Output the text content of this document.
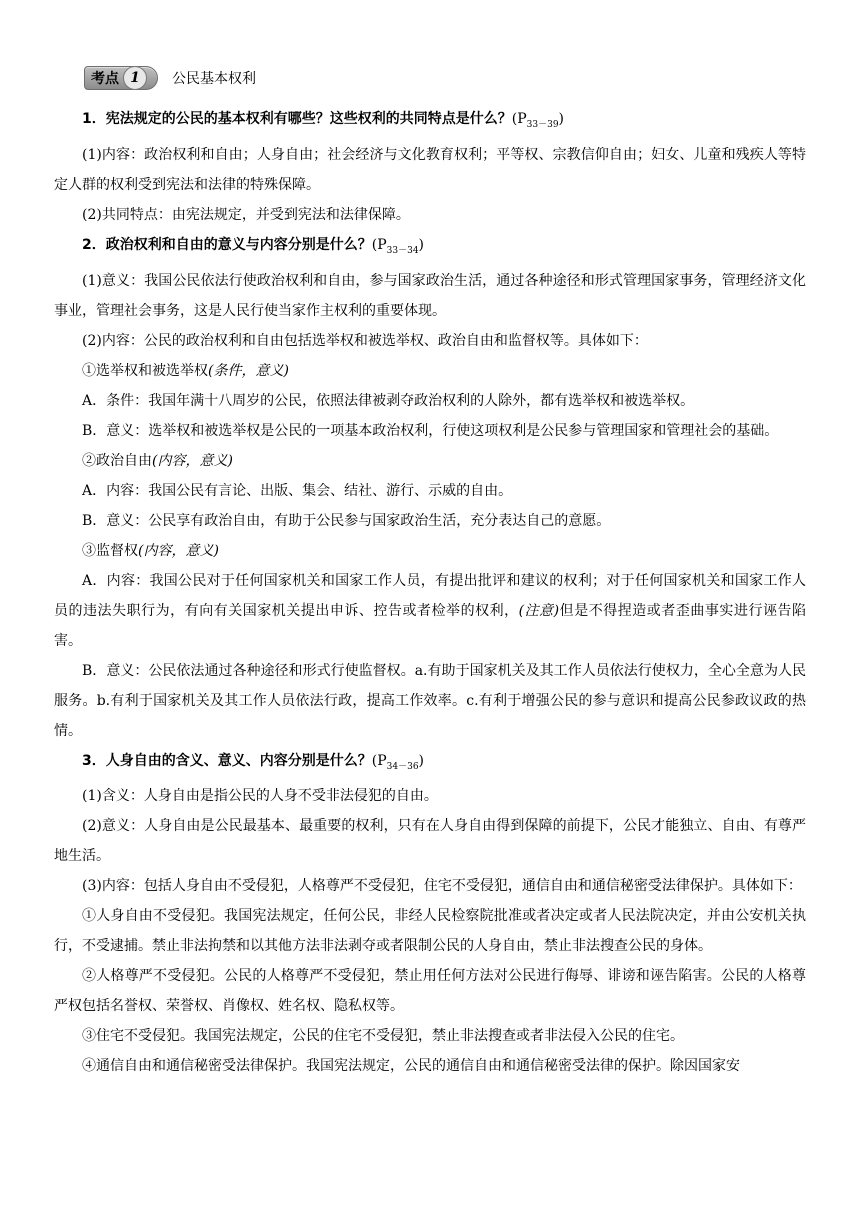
考点 1	公民基本权利

1．宪法规定的公民的基本权利有哪些？这些权利的共同特点是什么？$(P_{33-39})$

(1)内容：政治权利和自由；人身自由；社会经济与文化教育权利；平等权、宗教信仰自由；妇女、儿童和残疾人等特定人群的权利受到宪法和法律的特殊保障。

(2)共同特点：由宪法规定，并受到宪法和法律保障。

2．政治权利和自由的意义与内容分别是什么？$(P_{33-34})$

(1)意义：我国公民依法行使政治权利和自由，参与国家政治生活，通过各种途径和形式管理国家事务，管理经济文化事业，管理社会事务，这是人民行使当家作主权利的重要体现。

(2)内容：公民的政治权利和自由包括选举权和被选举权、政治自由和监督权等。具体如下：

①选举权和被选举权(条件，意义)

A．条件：我国年满十八周岁的公民，依照法律被剥夺政治权利的人除外，都有选举权和被选举权。

B．意义：选举权和被选举权是公民的一项基本政治权利，行使这项权利是公民参与管理国家和管理社会的基础。

②政治自由(内容，意义)

A．内容：我国公民有言论、出版、集会、结社、游行、示威的自由。

B．意义：公民享有政治自由，有助于公民参与国家政治生活，充分表达自己的意愿。

③监督权(内容，意义)

A．内容：我国公民对于任何国家机关和国家工作人员，有提出批评和建议的权利；对于任何国家机关和国家工作人员的违法失职行为，有向有关国家机关提出申诉、控告或者检举的权利，(注意)但是不得捏造或者歪曲事实进行诬告陷害。

B．意义：公民依法通过各种途径和形式行使监督权。a.有助于国家机关及其工作人员依法行使权力，全心全意为人民服务。b.有利于国家机关及其工作人员依法行政，提高工作效率。c.有利于增强公民的参与意识和提高公民参政议政的热情。

3．人身自由的含义、意义、内容分别是什么？$(P_{34-36})$

(1)含义：人身自由是指公民的人身不受非法侵犯的自由。

(2)意义：人身自由是公民最基本、最重要的权利，只有在人身自由得到保障的前提下，公民才能独立、自由、有尊严地生活。

(3)内容：包括人身自由不受侵犯，人格尊严不受侵犯，住宅不受侵犯，通信自由和通信秘密受法律保护。具体如下：

①人身自由不受侵犯。我国宪法规定，任何公民，非经人民检察院批准或者决定或者人民法院决定，并由公安机关执行，不受逮捕。禁止非法拘禁和以其他方法非法剥夺或者限制公民的人身自由，禁止非法搜查公民的身体。

②人格尊严不受侵犯。公民的人格尊严不受侵犯，禁止用任何方法对公民进行侮辱、诽谤和诬告陷害。公民的人格尊严权包括名誉权、荣誉权、肖像权、姓名权、隐私权等。

③住宅不受侵犯。我国宪法规定，公民的住宅不受侵犯，禁止非法搜查或者非法侵入公民的住宅。

④通信自由和通信秘密受法律保护。我国宪法规定，公民的通信自由和通信秘密受法律的保护。除因国家安
